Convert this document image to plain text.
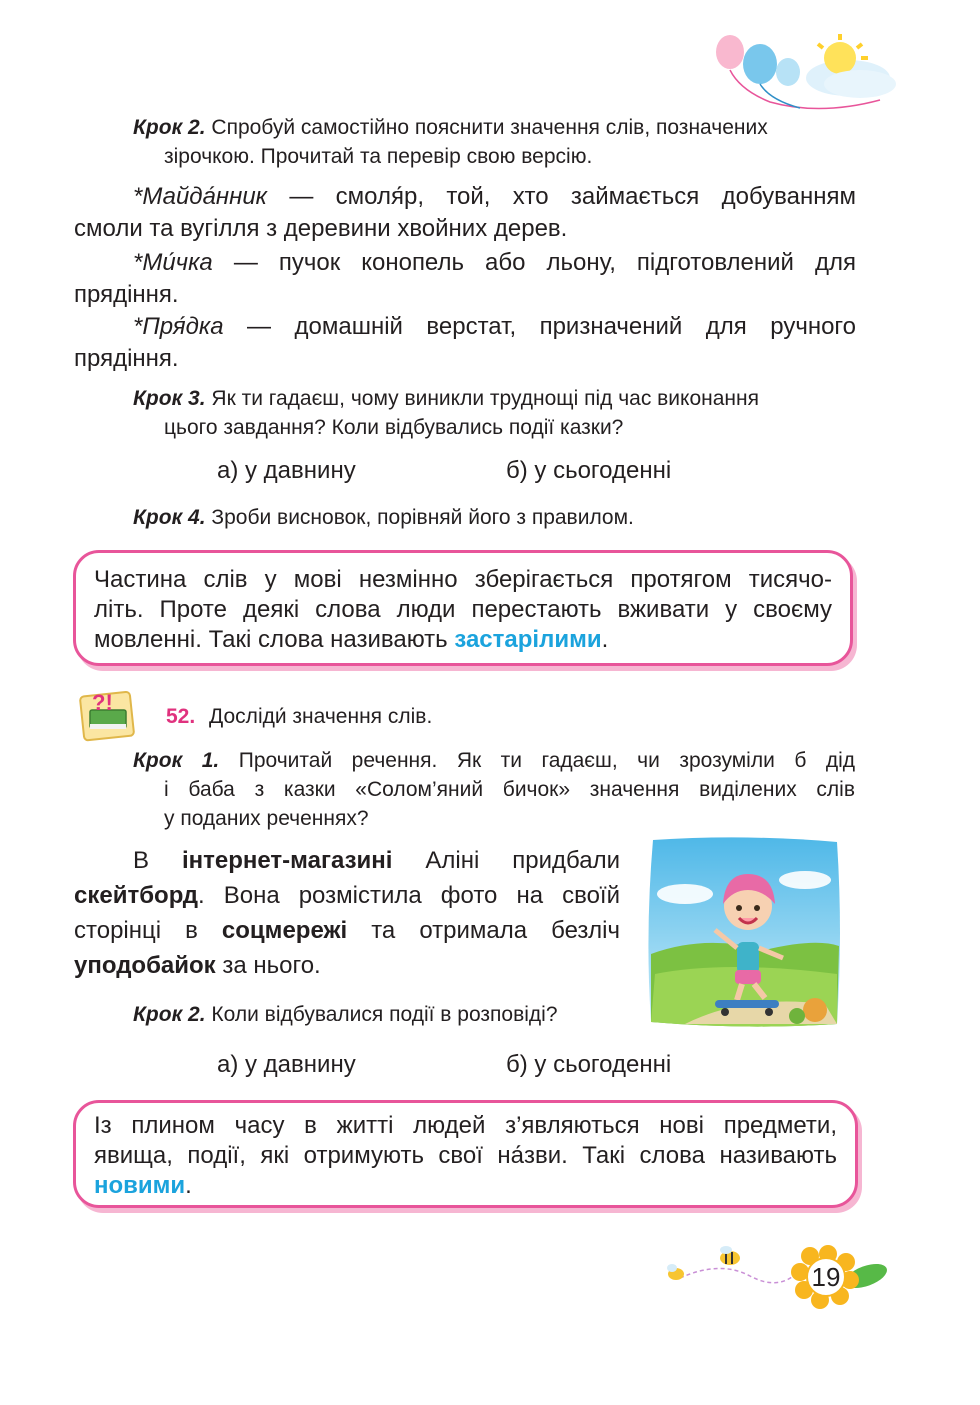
Крок 2. Спробуй самостійно пояснити значення слів, позначених
зірочкою. Прочитай та перевір свою версію.
*Майда́нник — смоля́р, той, хто займається добуванням
смоли та вугілля з деревини хвойних дерев.
*Ми́чка — пучок конопель або льону, підготовлений для
прядіння.
*Пря́дка — домашній верстат, призначений для ручного
прядіння.
Крок 3. Як ти гадаєш, чому виникли труднощі під час виконання
цього завдання? Коли відбувались події казки?
а) у давнину	б) у сьогоденні
Крок 4. Зроби висновок, порівняй його з правилом.
Частина слів у мові незмінно зберігається протягом тисячо-
літь. Проте деякі слова люди перестають вживати у своєму
мовленні. Такі слова називають застарілими.
?!
52. Досліди́ значення слів.
Крок 1. Прочитай речення. Як ти гадаєш, чи зрозуміли б дід
і баба з казки «Солом’яний бичок» значення виділених слів
у поданих реченнях?
В інтернет-магазині Аліні придбали
скейтборд. Вона розмістила фото на своїй
сторінці в соцмережі та отримала безліч
уподобайок за нього.
Крок 2. Коли відбувалися події в розповіді?
а) у давнину	б) у сьогоденні
Із плином часу в житті людей з’являються нові предмети,
явища, події, які отримують свої на́зви. Такі слова називають
новими.
19
